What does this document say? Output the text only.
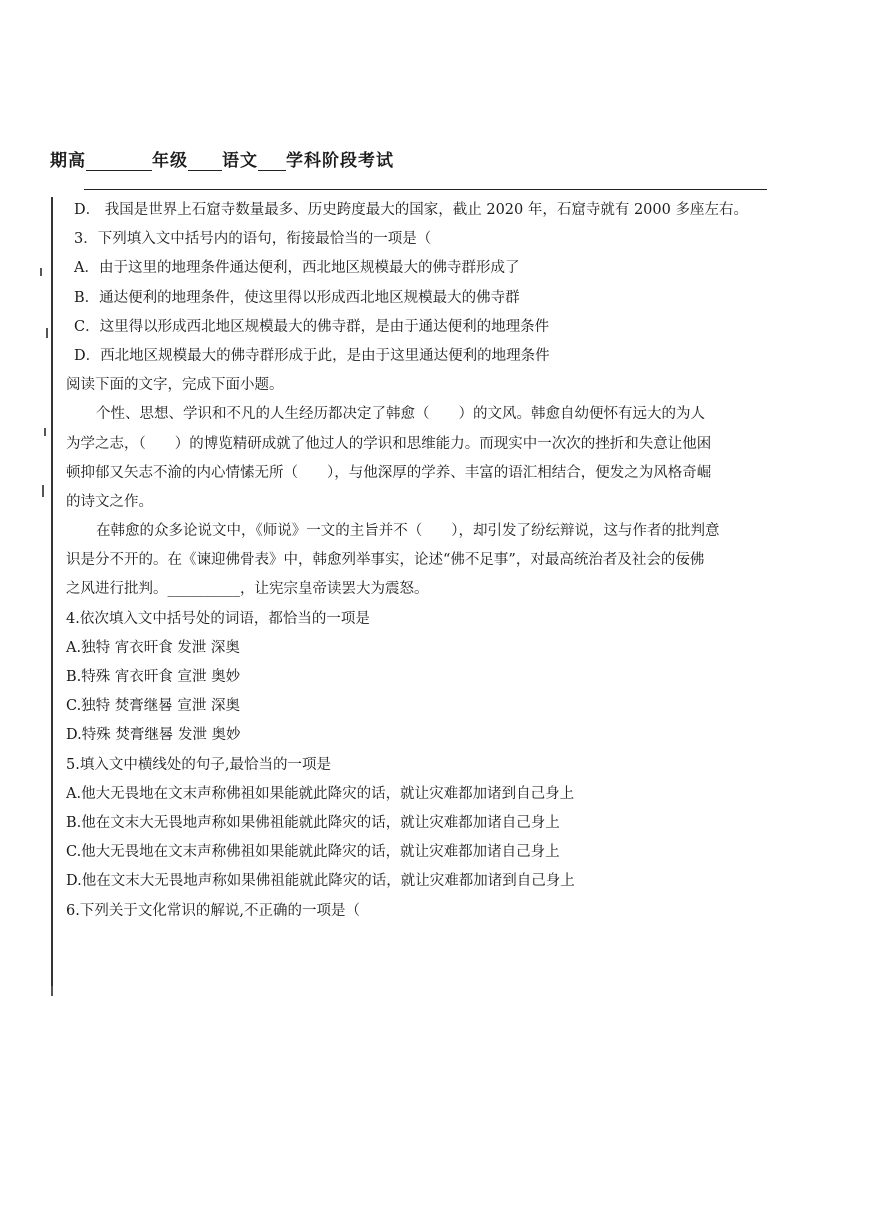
期高	年级 语文 学科阶段考试
D． 我国是世界上石窟寺数量最多、历史跨度最大的国家，截止 2020 年，石窟寺就有 2000 多座左右。
3．下列填入文中括号内的语句，衔接最恰当的一项是（
A．由于这里的地理条件通达便利，西北地区规模最大的佛寺群形成了
B．通达便利的地理条件，使这里得以形成西北地区规模最大的佛寺群
C．这里得以形成西北地区规模最大的佛寺群，是由于通达便利的地理条件
D．西北地区规模最大的佛寺群形成于此，是由于这里通达便利的地理条件
阅读下面的文字，完成下面小题。
个性、思想、学识和不凡的人生经历都决定了韩愈（　　）的文风。韩愈自幼便怀有远大的为人
为学之志，（　　）的博览精研成就了他过人的学识和思维能力。而现实中一次次的挫折和失意让他困
顿抑郁又矢志不渝的内心情愫无所（　　），与他深厚的学养、丰富的语汇相结合，便发之为风格奇崛
的诗文之作。
在韩愈的众多论说文中，《师说》一文的主旨并不（　　），却引发了纷纭辩说，这与作者的批判意
识是分不开的。在《谏迎佛骨表》中，韩愈列举事实，论述“佛不足事”，对最高统治者及社会的佞佛
之风进行批判。__________，让宪宗皇帝读罢大为震怒。
4.依次填入文中括号处的词语，都恰当的一项是
A.独特 宵衣旰食 发泄 深奥
B.特殊 宵衣旰食 宣泄 奥妙
C.独特 焚膏继晷 宣泄 深奥
D.特殊 焚膏继晷 发泄 奥妙
5.填入文中横线处的句子,最恰当的一项是
A.他大无畏地在文末声称佛祖如果能就此降灾的话，就让灾难都加诸到自己身上
B.他在文末大无畏地声称如果佛祖能就此降灾的话，就让灾难都加诸自己身上
C.他大无畏地在文末声称佛祖如果能就此降灾的话，就让灾难都加诸自己身上
D.他在文末大无畏地声称如果佛祖能就此降灾的话，就让灾难都加诸到自己身上
6.下列关于文化常识的解说,不正确的一项是（
